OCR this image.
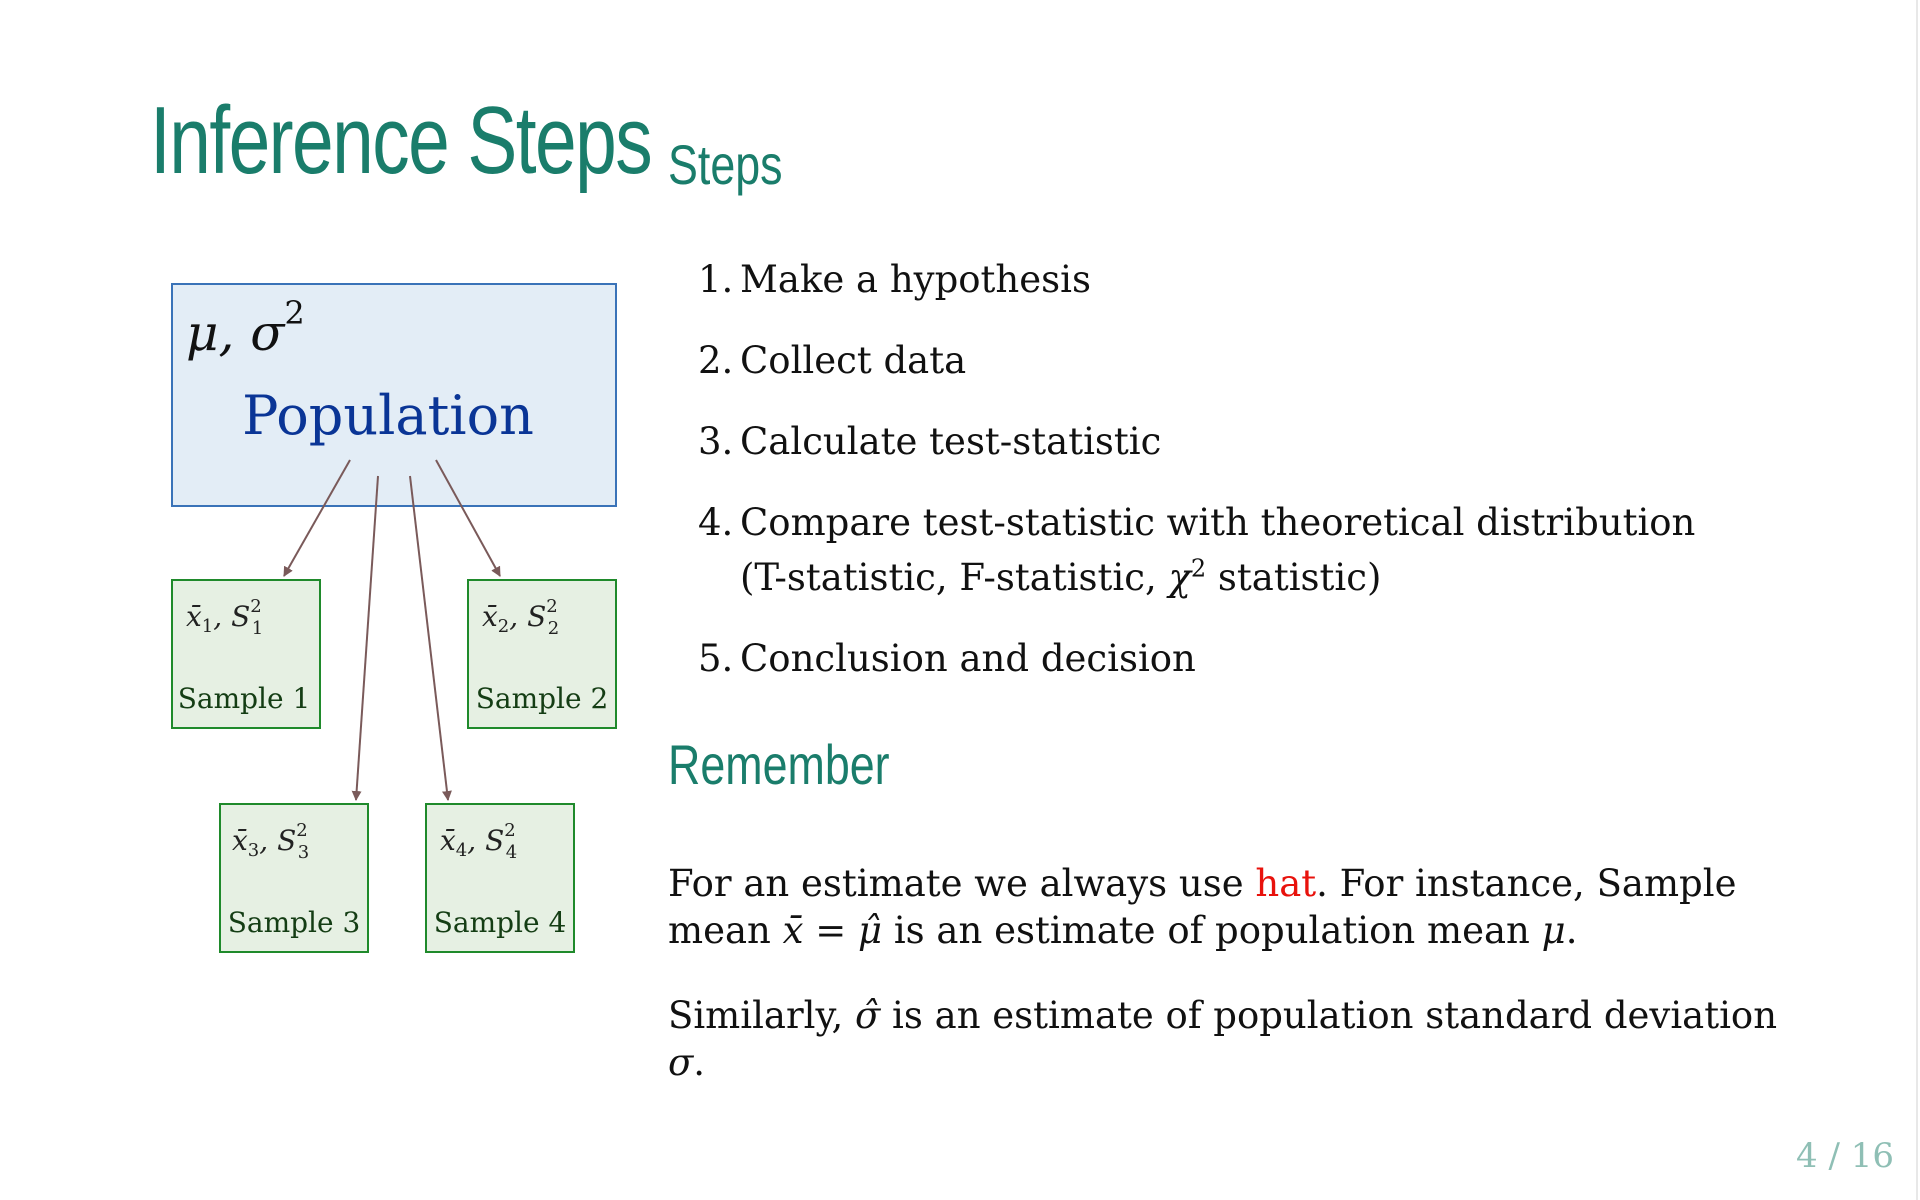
Inference Steps
μ, $\sigma^2$
Population
$x̄_1$, $S^2$ 1
Sample 1
$x̄_2$, $S^2$ 2
Sample 2
$x̄_3$, $S^2$ 3
Sample 3
$x̄_4$, $S^2$ 4
Sample 4
Steps
1. Make a hypothesis
2. Collect data
3. Calculate test-statistic
4. Compare test-statistic with theoretical distribution
(T-statistic, F-statistic, $\chi^2$ statistic)
5. Conclusion and decision
Remember

For an estimate we always use hat. For instance, Sample mean x̄ = μ̂ is an estimate of population mean μ.

Similarly, σ̂ is an estimate of population standard deviation σ.

4 / 16
